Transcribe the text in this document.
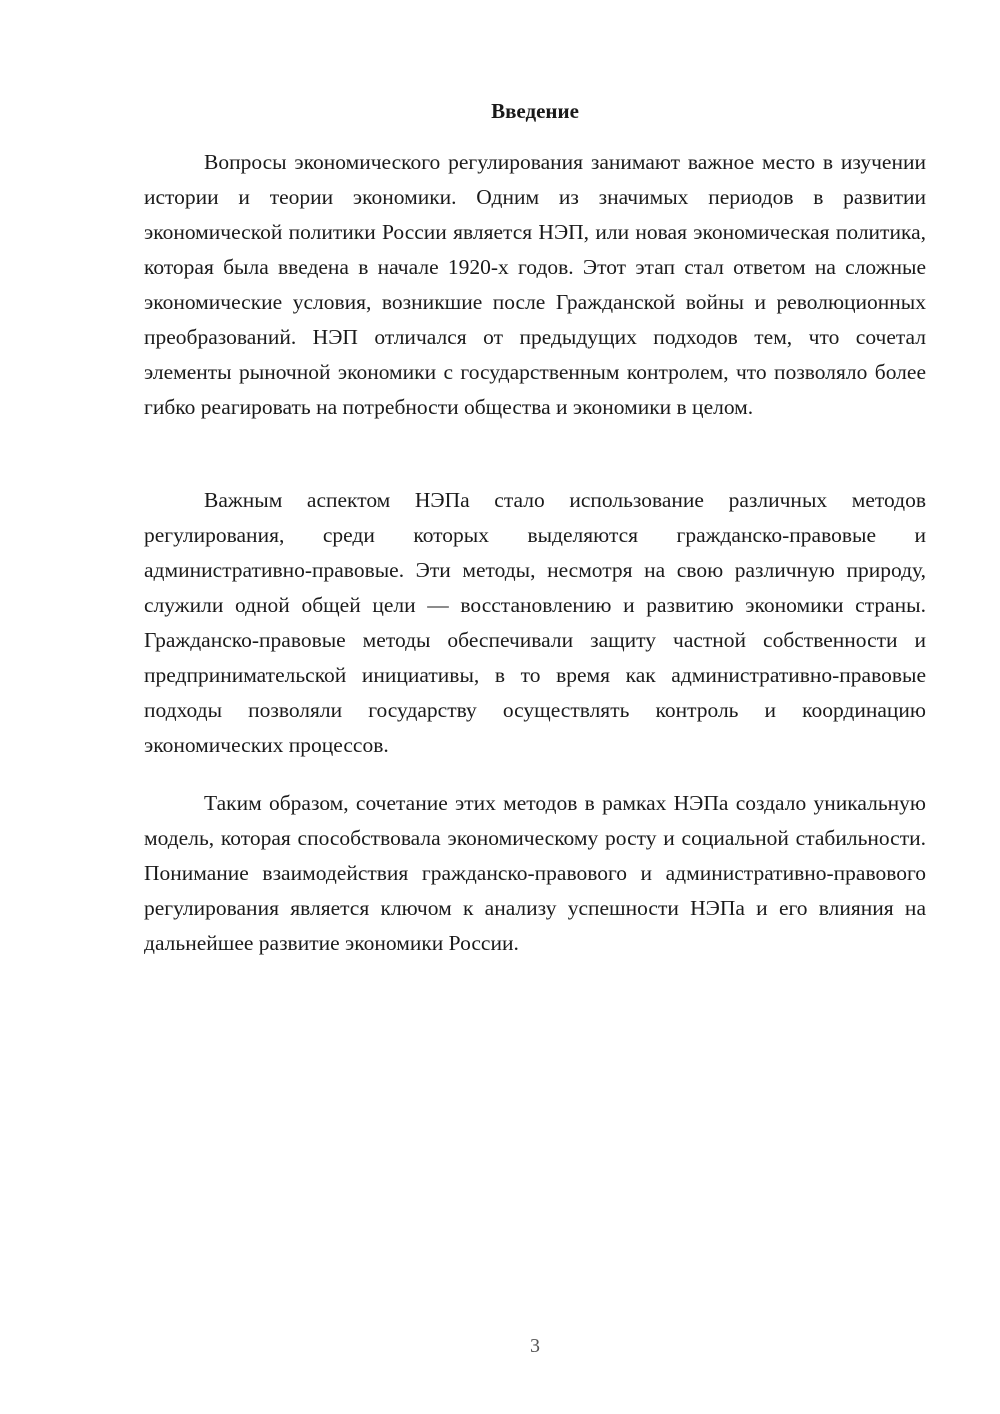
Введение

Вопросы экономического регулирования занимают важное место в изучении истории и теории экономики. Одним из значимых периодов в развитии экономической политики России является НЭП, или новая экономическая политика, которая была введена в начале 1920-х годов. Этот этап стал ответом на сложные экономические условия, возникшие после Гражданской войны и революционных преобразований. НЭП отличался от предыдущих подходов тем, что сочетал элементы рыночной экономики с государственным контролем, что позволяло более гибко реагировать на потребности общества и экономики в целом.

Важным аспектом НЭПа стало использование различных методов регулирования, среди которых выделяются гражданско-правовые и административно-правовые. Эти методы, несмотря на свою различную природу, служили одной общей цели — восстановлению и развитию экономики страны. Гражданско-правовые методы обеспечивали защиту частной собственности и предпринимательской инициативы, в то время как административно-правовые подходы позволяли государству осуществлять контроль и координацию экономических процессов.

Таким образом, сочетание этих методов в рамках НЭПа создало уникальную модель, которая способствовала экономическому росту и социальной стабильности. Понимание взаимодействия гражданско-правового и административно-правового регулирования является ключом к анализу успешности НЭПа и его влияния на дальнейшее развитие экономики России.

3
